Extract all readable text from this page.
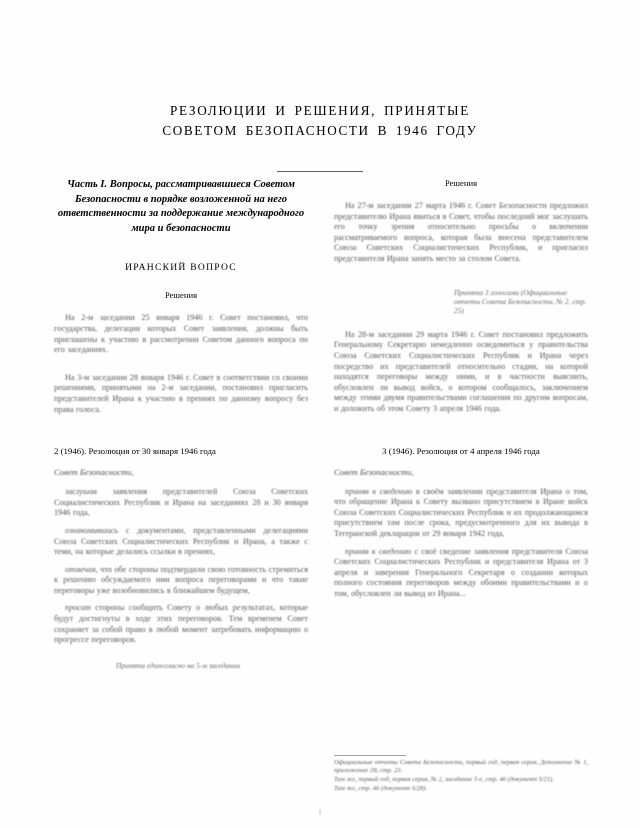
РЕЗОЛЮЦИИ И РЕШЕНИЯ, ПРИНЯТЫЕ
СОВЕТОМ БЕЗОПАСНОСТИ В 1946 ГОДУ
Часть I. Вопросы, рассматривавшиеся Советом Безопасности в порядке возложенной на него ответственности за поддержание международного мира и безопасности
ИРАНСКИЙ ВОПРОС
Решения

На 2-м заседании 25 января 1946 г. Совет постановил, что государства, делегации которых Совет заявления, должны быть приглашены к участию в рассмотрении Советом данного вопроса по его заседаниях.

На 3-м заседании 28 января 1946 г. Совет в соответствии со своими решениями, принятыми на 2-м заседании, постановил пригласить представителей Ирана к участию в прениях по данному вопросу без права голоса.

2 (1946). Резолюция от 30 января 1946 года
Совет Безопасности,

заслушав заявления представителей Союза Советских Социалистических Республик и Ирана на заседаниях 28 и 30 января 1946 года,

ознакомившись с документами, представленными делегациями Союза Советских Социалистических Республик и Ирана, а также с теми, на которые делались ссылки в прениях,

отмечая, что обе стороны подтвердили свою готовность стремиться к решению обсуждаемого ими вопроса переговорами и что такие переговоры уже возобновились в ближайшем будущем,

просит стороны сообщить Совету о любых результатах, которые будут достигнуты в ходе этих переговоров. Тем временем Совет сохраняет за собой право в любой момент затребовать информацию о прогрессе переговоров.

Принята единогласно на 5-м заседании
Решения

На 27-м заседании 27 марта 1946 г. Совет Безопасности предложил представителю Ирана явиться в Совет, чтобы последний мог заслушать его точку зрения относительно просьбы о включении рассматриваемого вопроса, которая была внесена представителем Союза Советских Социалистических Республик, и пригласил представителя Ирана занять место за столом Совета.

Принята 3 голосами (Официальные отчеты Совета Безопасности, № 2, стр. 25)

На 28-м заседании 29 марта 1946 г. Совет постановил предложить Генеральному Секретарю немедленно осведомиться у правительства Союза Советских Социалистических Республик и Ирана через посредство их представителей относительно стадии, на которой находятся переговоры между ними, и в частности выяснить, обусловлен ли вывод войск, о котором сообщалось, заключением между этими двумя правительствами соглашения по другим вопросам, и доложить об этом Совету 3 апреля 1946 года.

3 (1946). Резолюция от 4 апреля 1946 года
Совет Безопасности,

приняв к сведению в своём заявлении представителя Ирана о том, что обращение Ирана к Совету вызвано присутствием в Иране войск Союза Советских Социалистических Республик и их продолжающимся присутствием там после срока, предусмотренного для их вывода в Тегеранской декларации от 29 января 1942 года,

приняв к сведению с своё сведение заявления представителя Союза Советских Социалистических Республик и представителя Ирана от 3 апреля и заверения Генерального Секретаря о создании которых полного состояния переговоров между обоими правительствами и о том, обусловлен ли вывод из Ирана...

Официальные отчеты Совета Безопасности, первый год, первая серия, Дополнение № 1, приложение 2В, стр. 23.

Там же, первый год, первая серия, № 2, заседание 5-е, стр. 46 (документ S/21).

Там же, стр. 46 (документ S/28).

1
